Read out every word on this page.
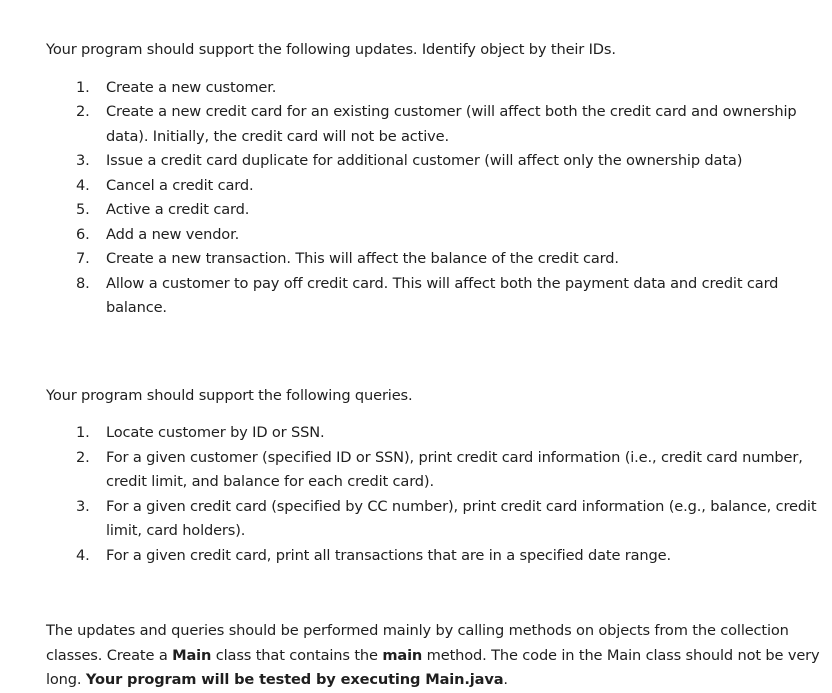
Your program should support the following updates. Identify object by their IDs.

1. Create a new customer.
2. Create a new credit card for an existing customer (will affect both the credit card and ownership data). Initially, the credit card will not be active.
3. Issue a credit card duplicate for additional customer (will affect only the ownership data)
4. Cancel a credit card.
5. Active a credit card.
6. Add a new vendor.
7. Create a new transaction. This will affect the balance of the credit card.
8. Allow a customer to pay off credit card. This will affect both the payment data and credit card balance.

Your program should support the following queries.

1. Locate customer by ID or SSN.
2. For a given customer (specified ID or SSN), print credit card information (i.e., credit card number, credit limit, and balance for each credit card).
3. For a given credit card (specified by CC number), print credit card information (e.g., balance, credit limit, card holders).
4. For a given credit card, print all transactions that are in a specified date range.

The updates and queries should be performed mainly by calling methods on objects from the collection classes. Create a Main class that contains the main method. The code in the Main class should not be very long. Your program will be tested by executing Main.java.
